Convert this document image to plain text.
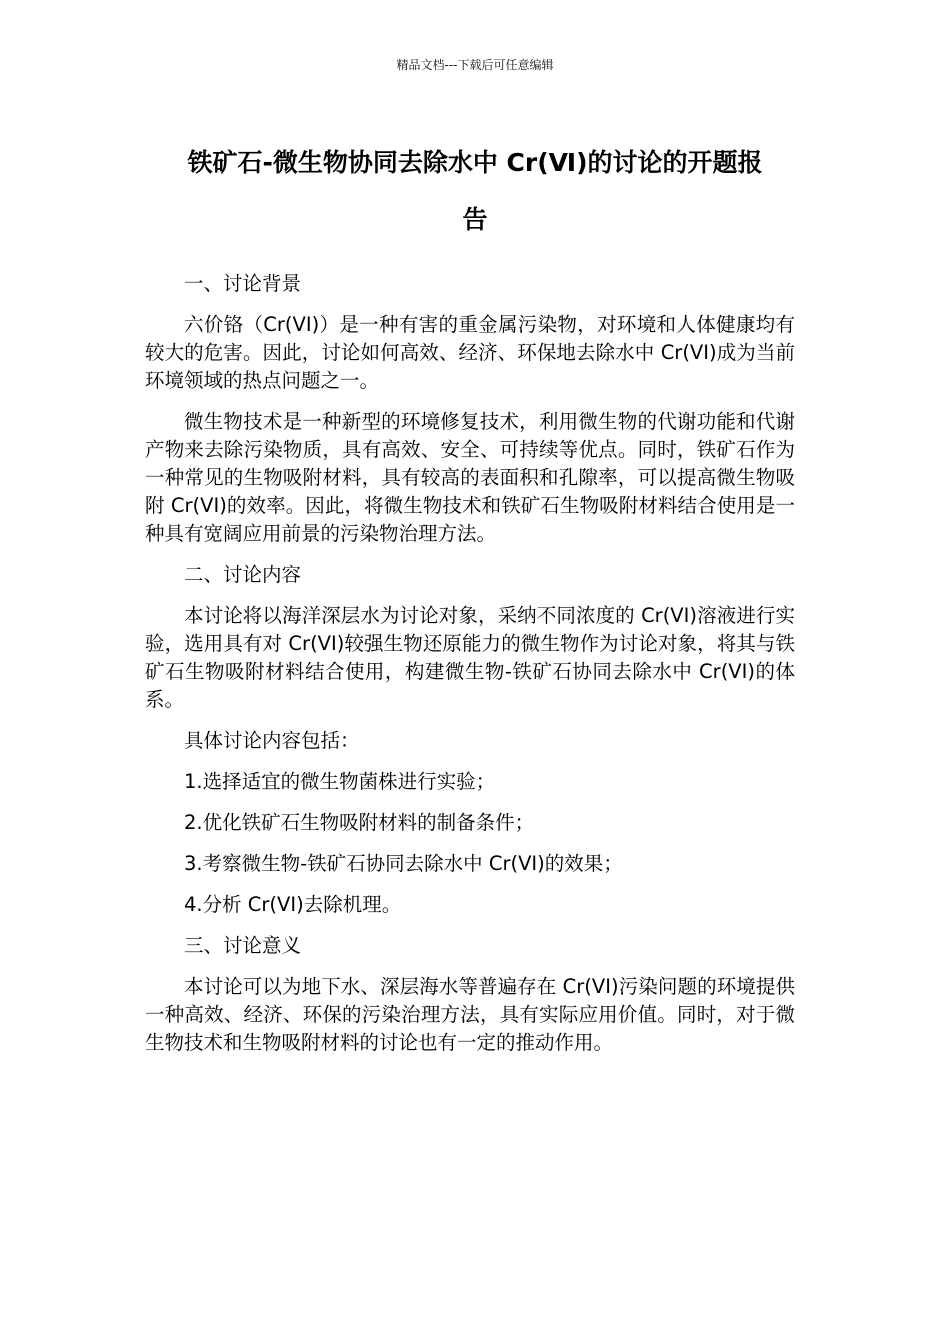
精品文档---下载后可任意编辑
铁矿石-微生物协同去除水中 Cr(Ⅵ)的讨论的开题报
告

一、讨论背景

六价铬（Cr(VI)）是一种有害的重金属污染物，对环境和人体健康均有较大的危害。因此，讨论如何高效、经济、环保地去除水中 Cr(VI)成为当前环境领域的热点问题之一。

微生物技术是一种新型的环境修复技术，利用微生物的代谢功能和代谢产物来去除污染物质，具有高效、安全、可持续等优点。同时，铁矿石作为一种常见的生物吸附材料，具有较高的表面积和孔隙率，可以提高微生物吸附 Cr(VI)的效率。因此，将微生物技术和铁矿石生物吸附材料结合使用是一种具有宽阔应用前景的污染物治理方法。

二、讨论内容

本讨论将以海洋深层水为讨论对象，采纳不同浓度的 Cr(VI)溶液进行实验，选用具有对 Cr(VI)较强生物还原能力的微生物作为讨论对象，将其与铁矿石生物吸附材料结合使用，构建微生物-铁矿石协同去除水中 Cr(VI)的体系。

具体讨论内容包括：

1.选择适宜的微生物菌株进行实验；

2.优化铁矿石生物吸附材料的制备条件；

3.考察微生物-铁矿石协同去除水中 Cr(VI)的效果；

4.分析 Cr(VI)去除机理。

三、讨论意义

本讨论可以为地下水、深层海水等普遍存在 Cr(VI)污染问题的环境提供一种高效、经济、环保的污染治理方法，具有实际应用价值。同时，对于微生物技术和生物吸附材料的讨论也有一定的推动作用。
